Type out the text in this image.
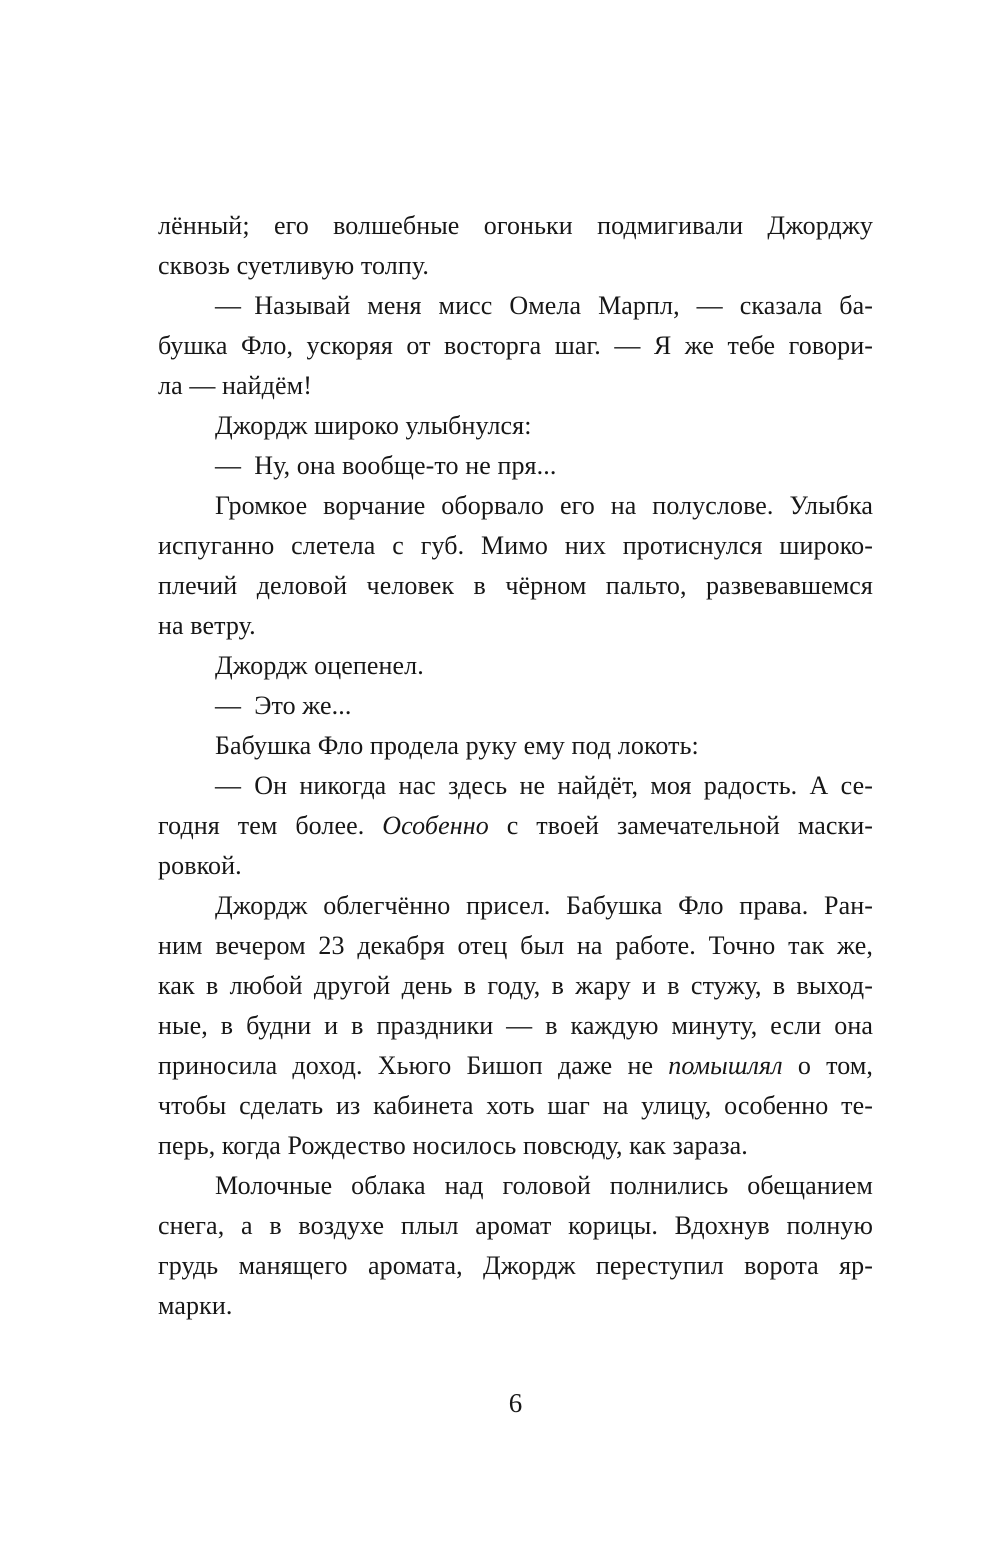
лённый; его волшебные огоньки подмигивали Джорджу
сквозь суетливую толпу.
— Называй меня мисс Омела Марпл, — сказала ба-
бушка Фло, ускоряя от восторга шаг. — Я же тебе говори-
ла — найдём!
Джордж широко улыбнулся:
— Ну, она вообще-то не пря...
Громкое ворчание оборвало его на полуслове. Улыбка
испуганно слетела с губ. Мимо них протиснулся широко-
плечий деловой человек в чёрном пальто, развевавшемся
на ветру.
Джордж оцепенел.
— Это же...
Бабушка Фло продела руку ему под локоть:
— Он никогда нас здесь не найдёт, моя радость. А се-
годня тем более. Особенно с твоей замечательной маски-
ровкой.
Джордж облегчённо присел. Бабушка Фло права. Ран-
ним вечером 23 декабря отец был на работе. Точно так же,
как в любой другой день в году, в жару и в стужу, в выход-
ные, в будни и в праздники — в каждую минуту, если она
приносила доход. Хьюго Бишоп даже не помышлял о том,
чтобы сделать из кабинета хоть шаг на улицу, особенно те-
перь, когда Рождество носилось повсюду, как зараза.
Молочные облака над головой полнились обещанием
снега, а в воздухе плыл аромат корицы. Вдохнув полную
грудь манящего аромата, Джордж переступил ворота яр-
марки.
6
